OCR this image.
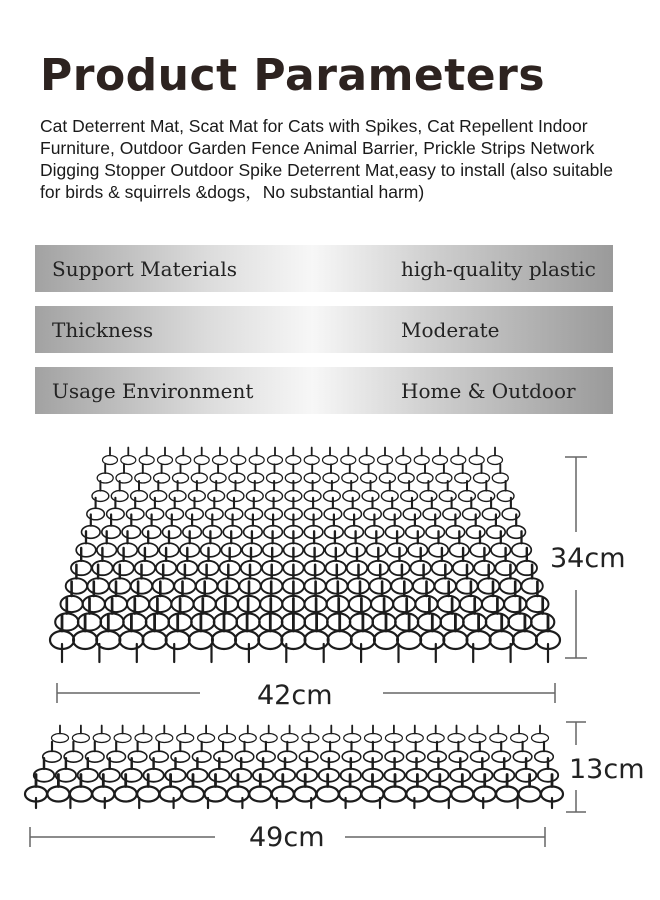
Product Parameters

Cat Deterrent Mat, Scat Mat for Cats with Spikes, Cat Repellent Indoor Furniture, Outdoor Garden Fence Animal Barrier, Prickle Strips Network Digging Stopper Outdoor Spike Deterrent Mat,easy to install (also suitable for birds & squirrels &dogs，No substantial harm)

Support Materials	high-quality plastic
Thickness	Moderate
Usage Environment	Home & Outdoor
34cm
42cm
13cm
49cm
